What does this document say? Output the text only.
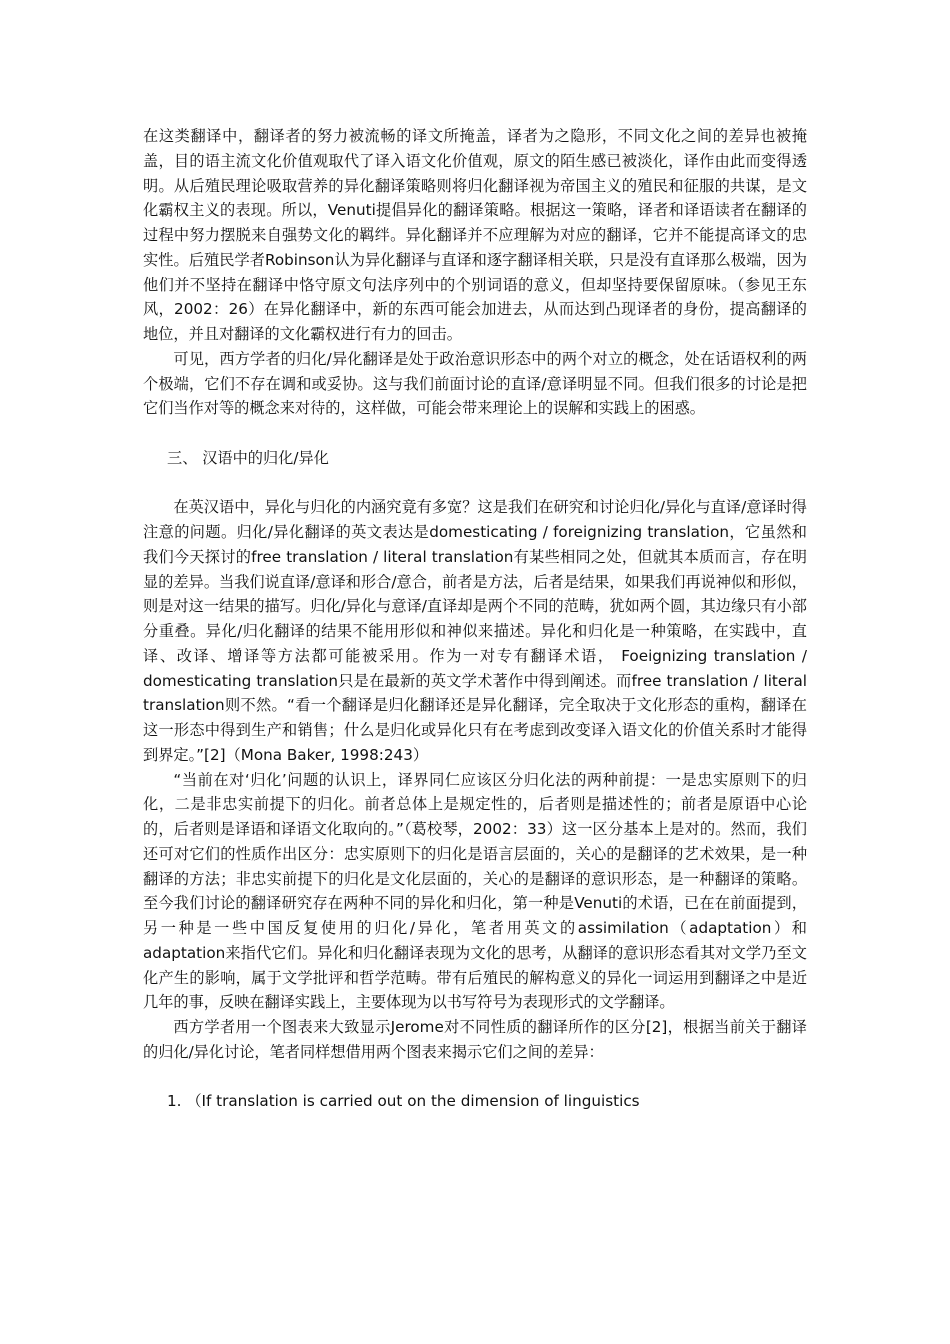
在这类翻译中，翻译者的努力被流畅的译文所掩盖，译者为之隐形，不同文化之间的差异也被掩盖，目的语主流文化价值观取代了译入语文化价值观，原文的陌生感已被淡化，译作由此而变得透明。从后殖民理论吸取营养的异化翻译策略则将归化翻译视为帝国主义的殖民和征服的共谋，是文化霸权主义的表现。所以，Venuti提倡异化的翻译策略。根据这一策略，译者和译语读者在翻译的过程中努力摆脱来自强势文化的羁绊。异化翻译并不应理解为对应的翻译，它并不能提高译文的忠实性。后殖民学者Robinson认为异化翻译与直译和逐字翻译相关联，只是没有直译那么极端，因为他们并不坚持在翻译中恪守原文句法序列中的个别词语的意义，但却坚持要保留原味。（参见王东风，2002：26）在异化翻译中，新的东西可能会加进去，从而达到凸现译者的身份，提高翻译的地位，并且对翻译的文化霸权进行有力的回击。

可见，西方学者的归化/异化翻译是处于政治意识形态中的两个对立的概念，处在话语权利的两个极端，它们不存在调和或妥协。这与我们前面讨论的直译/意译明显不同。但我们很多的讨论是把它们当作对等的概念来对待的，这样做，可能会带来理论上的误解和实践上的困惑。

三、 汉语中的归化/异化

在英汉语中，异化与归化的内涵究竟有多宽？这是我们在研究和讨论归化/异化与直译/意译时得注意的问题。归化/异化翻译的英文表达是domesticating / foreignizing translation，它虽然和我们今天探讨的free translation / literal translation有某些相同之处，但就其本质而言，存在明显的差异。当我们说直译/意译和形合/意合，前者是方法，后者是结果，如果我们再说神似和形似，则是对这一结果的描写。归化/异化与意译/直译却是两个不同的范畴，犹如两个圆，其边缘只有小部分重叠。异化/归化翻译的结果不能用形似和神似来描述。异化和归化是一种策略，在实践中，直译、改译、增译等方法都可能被采用。作为一对专有翻译术语， Foeignizing translation / domesticating translation只是在最新的英文学术著作中得到阐述。而free translation / literal translation则不然。“看一个翻译是归化翻译还是异化翻译，完全取决于文化形态的重构，翻译在这一形态中得到生产和销售；什么是归化或异化只有在考虑到改变译入语文化的价值关系时才能得到界定。”[2]（Mona Baker, 1998:243）

“当前在对‘归化’问题的认识上，译界同仁应该区分归化法的两种前提：一是忠实原则下的归化，二是非忠实前提下的归化。前者总体上是规定性的，后者则是描述性的；前者是原语中心论的，后者则是译语和译语文化取向的。”（葛校琴，2002：33）这一区分基本上是对的。然而，我们还可对它们的性质作出区分：忠实原则下的归化是语言层面的，关心的是翻译的艺术效果，是一种翻译的方法；非忠实前提下的归化是文化层面的，关心的是翻译的意识形态，是一种翻译的策略。至今我们讨论的翻译研究存在两种不同的异化和归化，第一种是Venuti的术语，已在在前面提到，另一种是一些中国反复使用的归化/异化，笔者用英文的assimilation（adaptation）和adaptation来指代它们。异化和归化翻译表现为文化的思考，从翻译的意识形态看其对文学乃至文化产生的影响，属于文学批评和哲学范畴。带有后殖民的解构意义的异化一词运用到翻译之中是近几年的事，反映在翻译实践上，主要体现为以书写符号为表现形式的文学翻译。

西方学者用一个图表来大致显示Jerome对不同性质的翻译所作的区分[2]，根据当前关于翻译的归化/异化讨论，笔者同样想借用两个图表来揭示它们之间的差异：

1. （If translation is carried out on the dimension of linguistics
